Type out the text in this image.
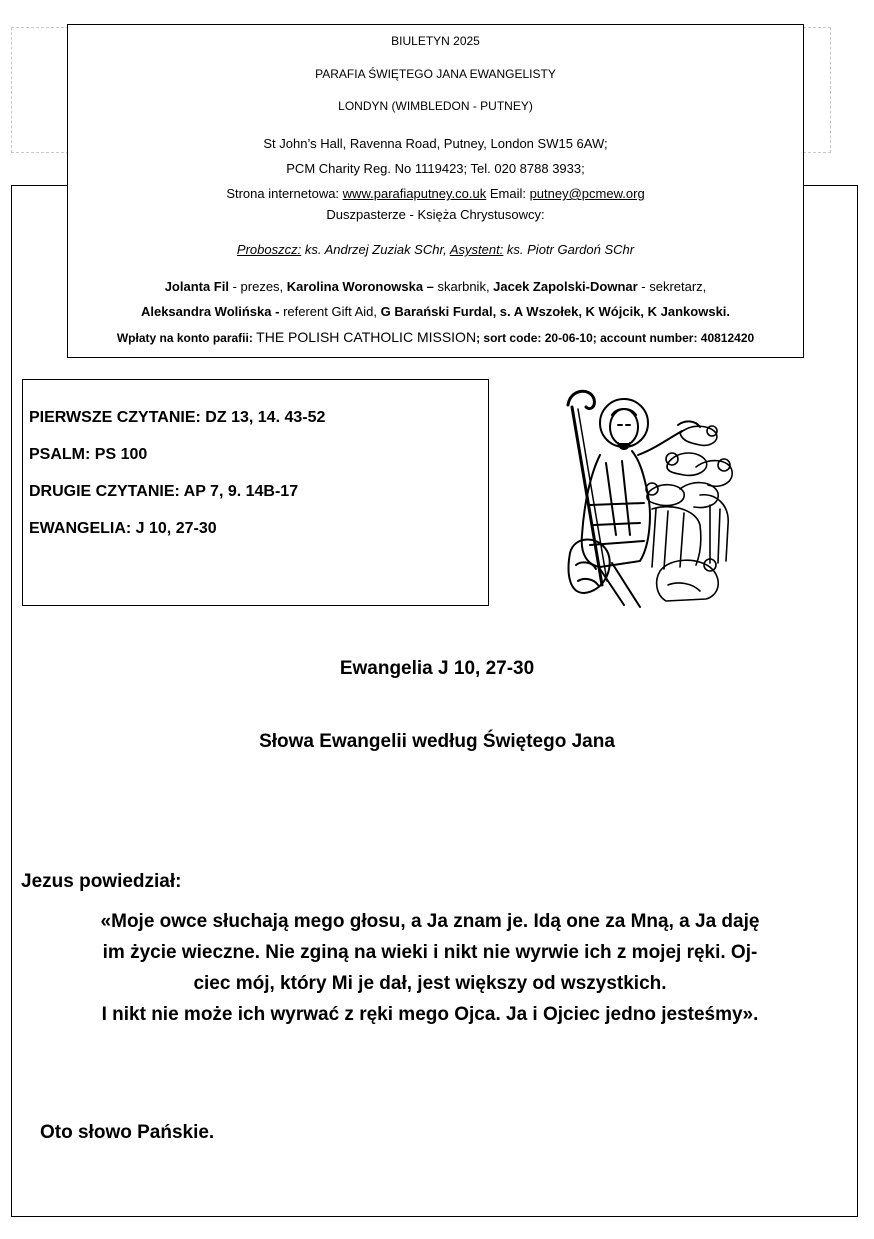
BIULETYN 2025
PARAFIA ŚWIĘTEGO JANA EWANGELISTY
LONDYN (WIMBLEDON - PUTNEY)
St John’s Hall, Ravenna Road, Putney, London SW15 6AW;
PCM Charity Reg. No 1119423; Tel. 020 8788 3933;
Strona internetowa: www.parafiaputney.co.uk Email: putney@pcmew.org
Duszpasterze - Księża Chrystusowcy:
Proboszcz: ks. Andrzej Zuziak SChr, Asystent: ks. Piotr Gardoń SChr
Jolanta Fil - prezes, Karolina Woronowska – skarbnik, Jacek Zapolski-Downar - sekretarz,
Aleksandra Wolińska - referent Gift Aid, G Barański Furdal, s. A Wszołek, K Wójcik, K Jankowski.
Wpłaty na konto parafii: THE POLISH CATHOLIC MISSION; sort code: 20-06-10; account number: 40812420
PIERWSZE CZYTANIE: DZ 13, 14. 43-52
PSALM: PS 100
DRUGIE CZYTANIE: AP 7, 9. 14B-17
EWANGELIA: J 10, 27-30
Ewangelia J 10, 27-30
Słowa Ewangelii według Świętego Jana
Jezus powiedział:
«Moje owce słuchają mego głosu, a Ja znam je. Idą one za Mną, a Ja daję
im życie wieczne. Nie zginą na wieki i nikt nie wyrwie ich z mojej ręki. Oj-
ciec mój, który Mi je dał, jest większy od wszystkich.
I nikt nie może ich wyrwać z ręki mego Ojca. Ja i Ojciec jedno jesteśmy».
Oto słowo Pańskie.
